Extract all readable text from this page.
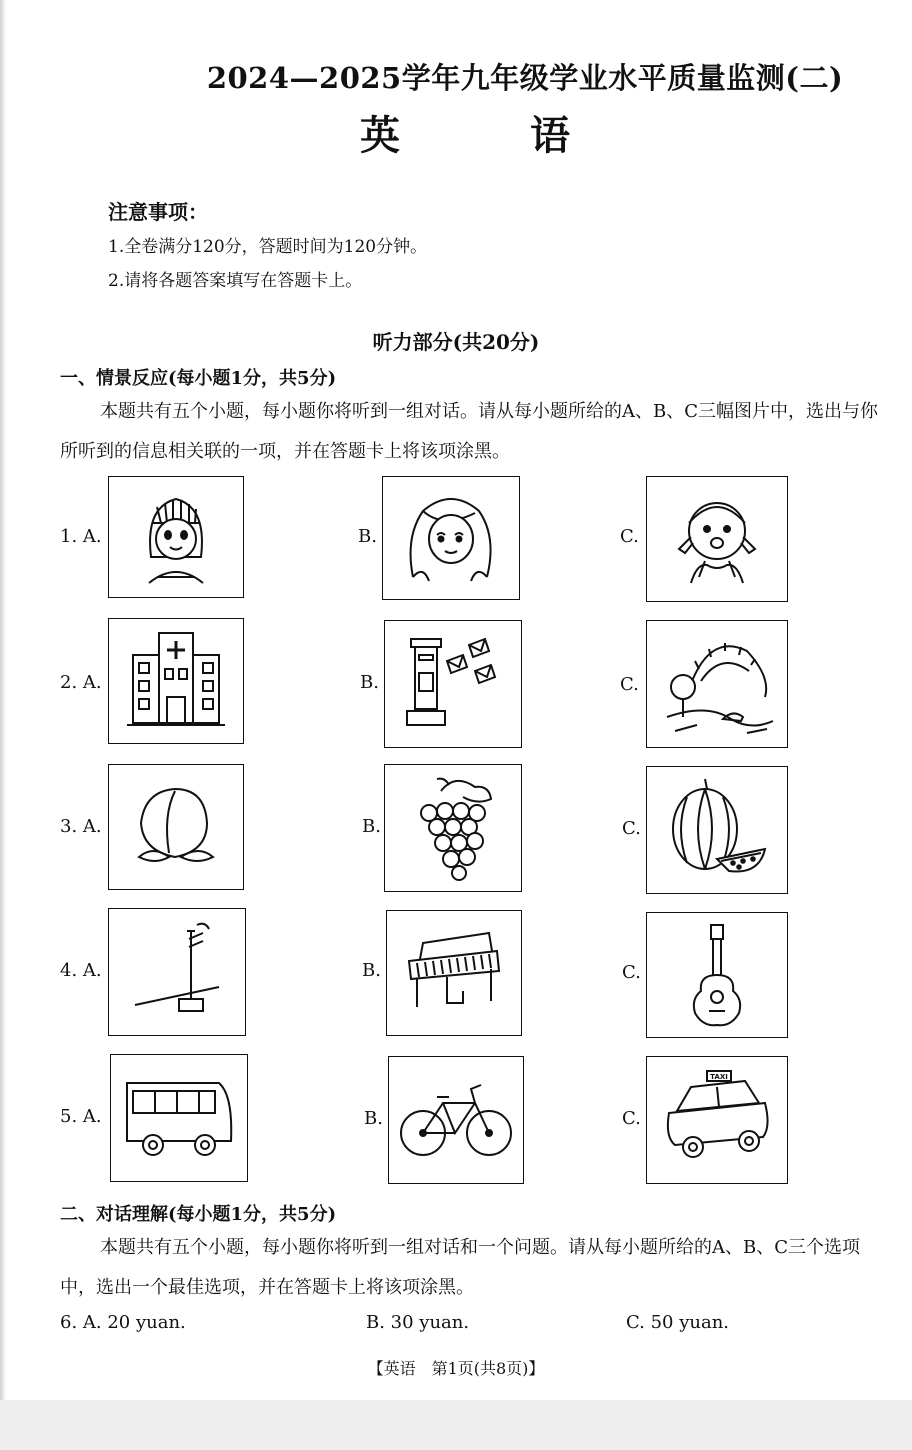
2024—2025学年九年级学业水平质量监测(二)
英	语
注意事项：
1.全卷满分120分，答题时间为120分钟。
2.请将各题答案填写在答题卡上。
听力部分(共20分)
一、情景反应(每小题1分，共5分)
本题共有五个小题，每小题你将听到一组对话。请从每小题所给的A、B、C三幅图片中，选出与你所听到的信息相关联的一项，并在答题卡上将该项涂黑。
1. A.	B.	C.
2. A.	B.	C.
3. A.	B.	C.
4. A.	B.	C.
5. A.	B.	C.
TAXI
二、对话理解(每小题1分，共5分)
本题共有五个小题，每小题你将听到一组对话和一个问题。请从每小题所给的A、B、C三个选项中，选出一个最佳选项，并在答题卡上将该项涂黑。
6. A. 20 yuan.	B. 30 yuan.	C. 50 yuan.
【英语　第1页(共8页)】
